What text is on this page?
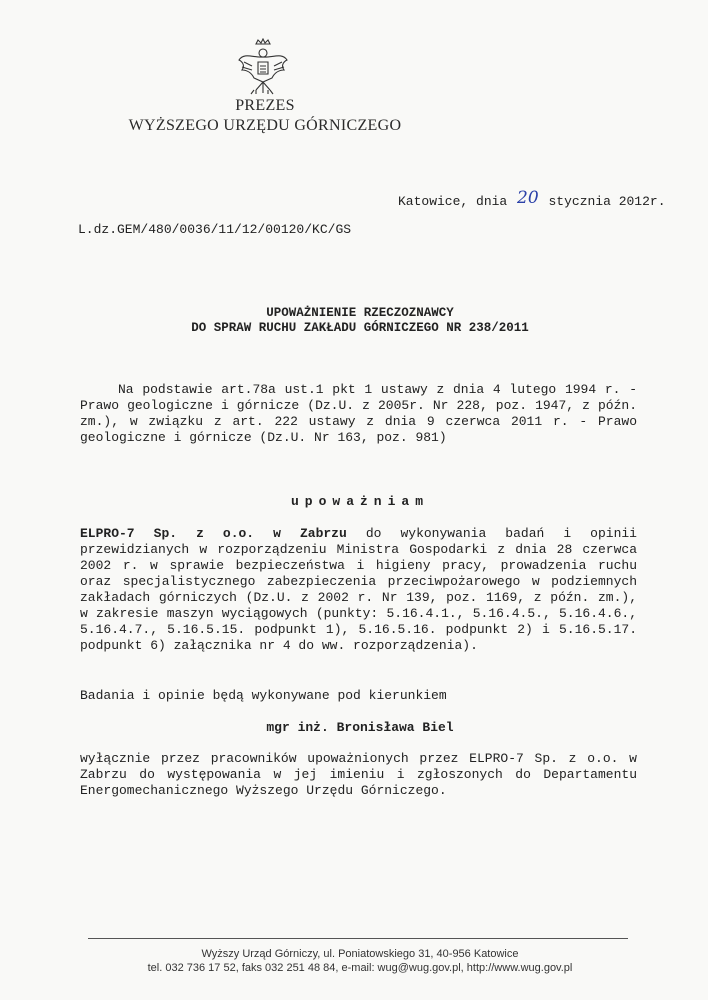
PREZES
WYŻSZEGO URZĘDU GÓRNICZEGO
Katowice, dnia 20 stycznia 2012r.
L.dz.GEM/480/0036/11/12/00120/KC/GS
UPOWAŻNIENIE RZECZOZNAWCY
DO SPRAW RUCHU ZAKŁADU GÓRNICZEGO NR 238/2011
Na podstawie art.78a ust.1 pkt 1 ustawy z dnia 4 lutego 1994 r. - Prawo geologiczne i górnicze (Dz.U. z 2005r. Nr 228, poz. 1947, z późn. zm.), w związku z art. 222 ustawy z dnia 9 czerwca 2011 r. - Prawo geologiczne i górnicze (Dz.U. Nr 163, poz. 981)
upoważniam
ELPRO-7 Sp. z o.o. w Zabrzu do wykonywania badań i opinii przewidzianych w rozporządzeniu Ministra Gospodarki z dnia 28 czerwca 2002 r. w sprawie bezpieczeństwa i higieny pracy, prowadzenia ruchu oraz specjalistycznego zabezpieczenia przeciwpożarowego w podziemnych zakładach górniczych (Dz.U. z 2002 r. Nr 139, poz. 1169, z późn. zm.), w zakresie maszyn wyciągowych (punkty: 5.16.4.1., 5.16.4.5., 5.16.4.6., 5.16.4.7., 5.16.5.15. podpunkt 1), 5.16.5.16. podpunkt 2) i 5.16.5.17. podpunkt 6) załącznika nr 4 do ww. rozporządzenia).
Badania i opinie będą wykonywane pod kierunkiem
mgr inż. Bronisława Biel
wyłącznie przez pracowników upoważnionych przez ELPRO-7 Sp. z o.o. w Zabrzu do występowania w jej imieniu i zgłoszonych do Departamentu Energomechanicznego Wyższego Urzędu Górniczego.
Wyższy Urząd Górniczy, ul. Poniatowskiego 31, 40-956 Katowice
tel. 032 736 17 52, faks 032 251 48 84, e-mail: wug@wug.gov.pl, http://www.wug.gov.pl
